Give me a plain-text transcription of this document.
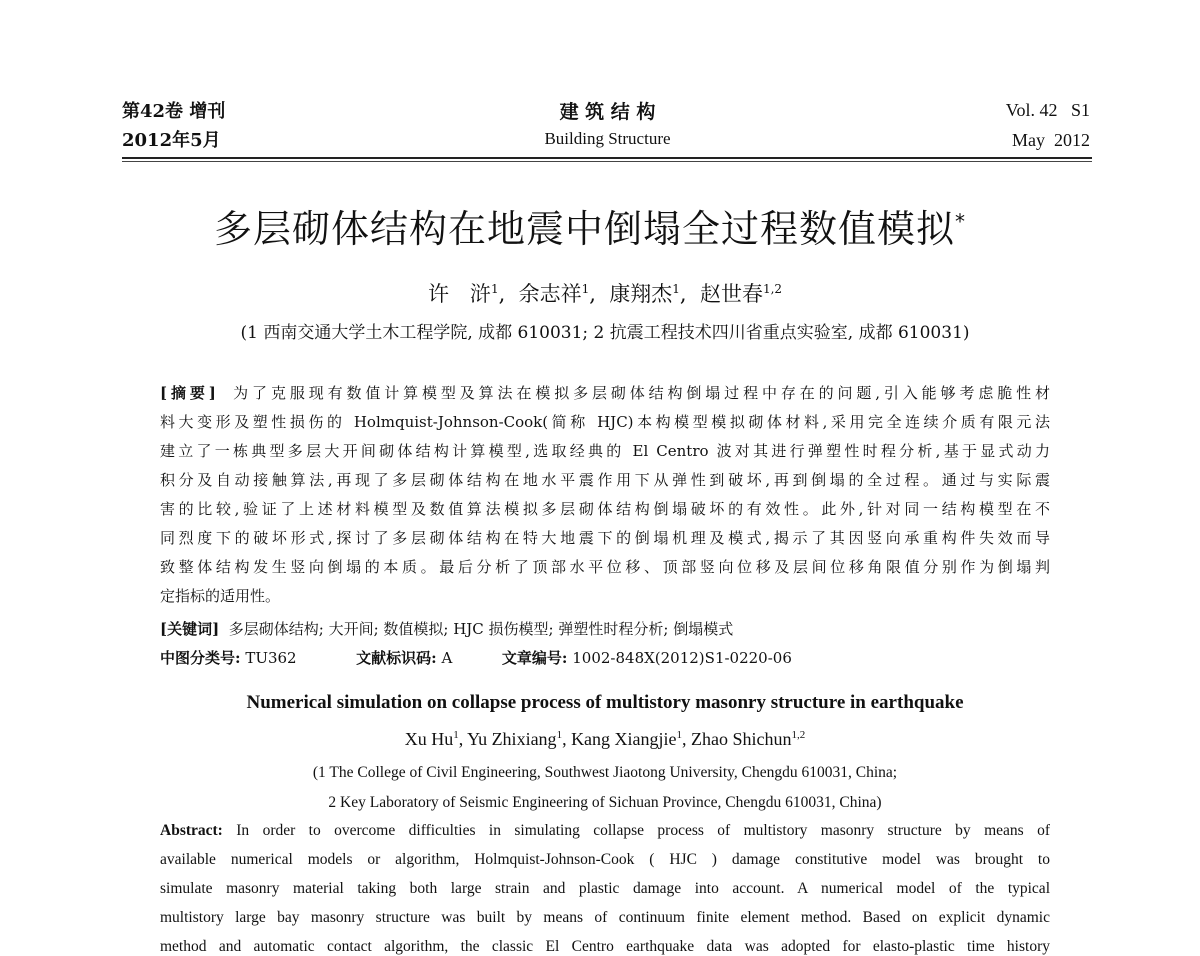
第42卷 增刊
2012年5月
建 筑 结 构
Building Structure
Vol. 42   S1
May  2012
多层砌体结构在地震中倒塌全过程数值模拟*
许　浒$^1$,  余志祥$^1$,  康翔杰$^1$,  赵世春$^{1,2}$
(1 西南交通大学土木工程学院, 成都 610031; 2 抗震工程技术四川省重点实验室, 成都 610031)
[摘要] 为了克服现有数值计算模型及算法在模拟多层砌体结构倒塌过程中存在的问题,引入能够考虑脆性材
料大变形及塑性损伤的 Holmquist-Johnson-Cook(简称 HJC)本构模型模拟砌体材料,采用完全连续介质有限元法
建立了一栋典型多层大开间砌体结构计算模型,选取经典的 El Centro 波对其进行弹塑性时程分析,基于显式动力
积分及自动接触算法,再现了多层砌体结构在地水平震作用下从弹性到破坏,再到倒塌的全过程。通过与实际震
害的比较,验证了上述材料模型及数值算法模拟多层砌体结构倒塌破坏的有效性。此外,针对同一结构模型在不
同烈度下的破坏形式,探讨了多层砌体结构在特大地震下的倒塌机理及模式,揭示了其因竖向承重构件失效而导
致整体结构发生竖向倒塌的本质。最后分析了顶部水平位移、顶部竖向位移及层间位移角限值分别作为倒塌判
定指标的适用性。
[关键词] 多层砌体结构; 大开间; 数值模拟; HJC 损伤模型; 弹塑性时程分析; 倒塌模式
中图分类号: TU362	文献标识码: A	文章编号: 1002-848X(2012)S1-0220-06
Numerical simulation on collapse process of multistory masonry structure in earthquake
Xu Hu$^1$, Yu Zhixiang$^1$, Kang Xiangjie$^1$, Zhao Shichun$^{1,2}$
(1 The College of Civil Engineering, Southwest Jiaotong University, Chengdu 610031, China;
2 Key Laboratory of Seismic Engineering of Sichuan Province, Chengdu 610031, China)
Abstract: In order to overcome difficulties in simulating collapse process of multistory masonry structure by means of
available numerical models or algorithm, Holmquist-Johnson-Cook ( HJC ) damage constitutive model was brought to
simulate masonry material taking both large strain and plastic damage into account. A numerical model of the typical
multistory large bay masonry structure was built by means of continuum finite element method. Based on explicit dynamic
method and automatic contact algorithm, the classic El Centro earthquake data was adopted for elasto-plastic time history
